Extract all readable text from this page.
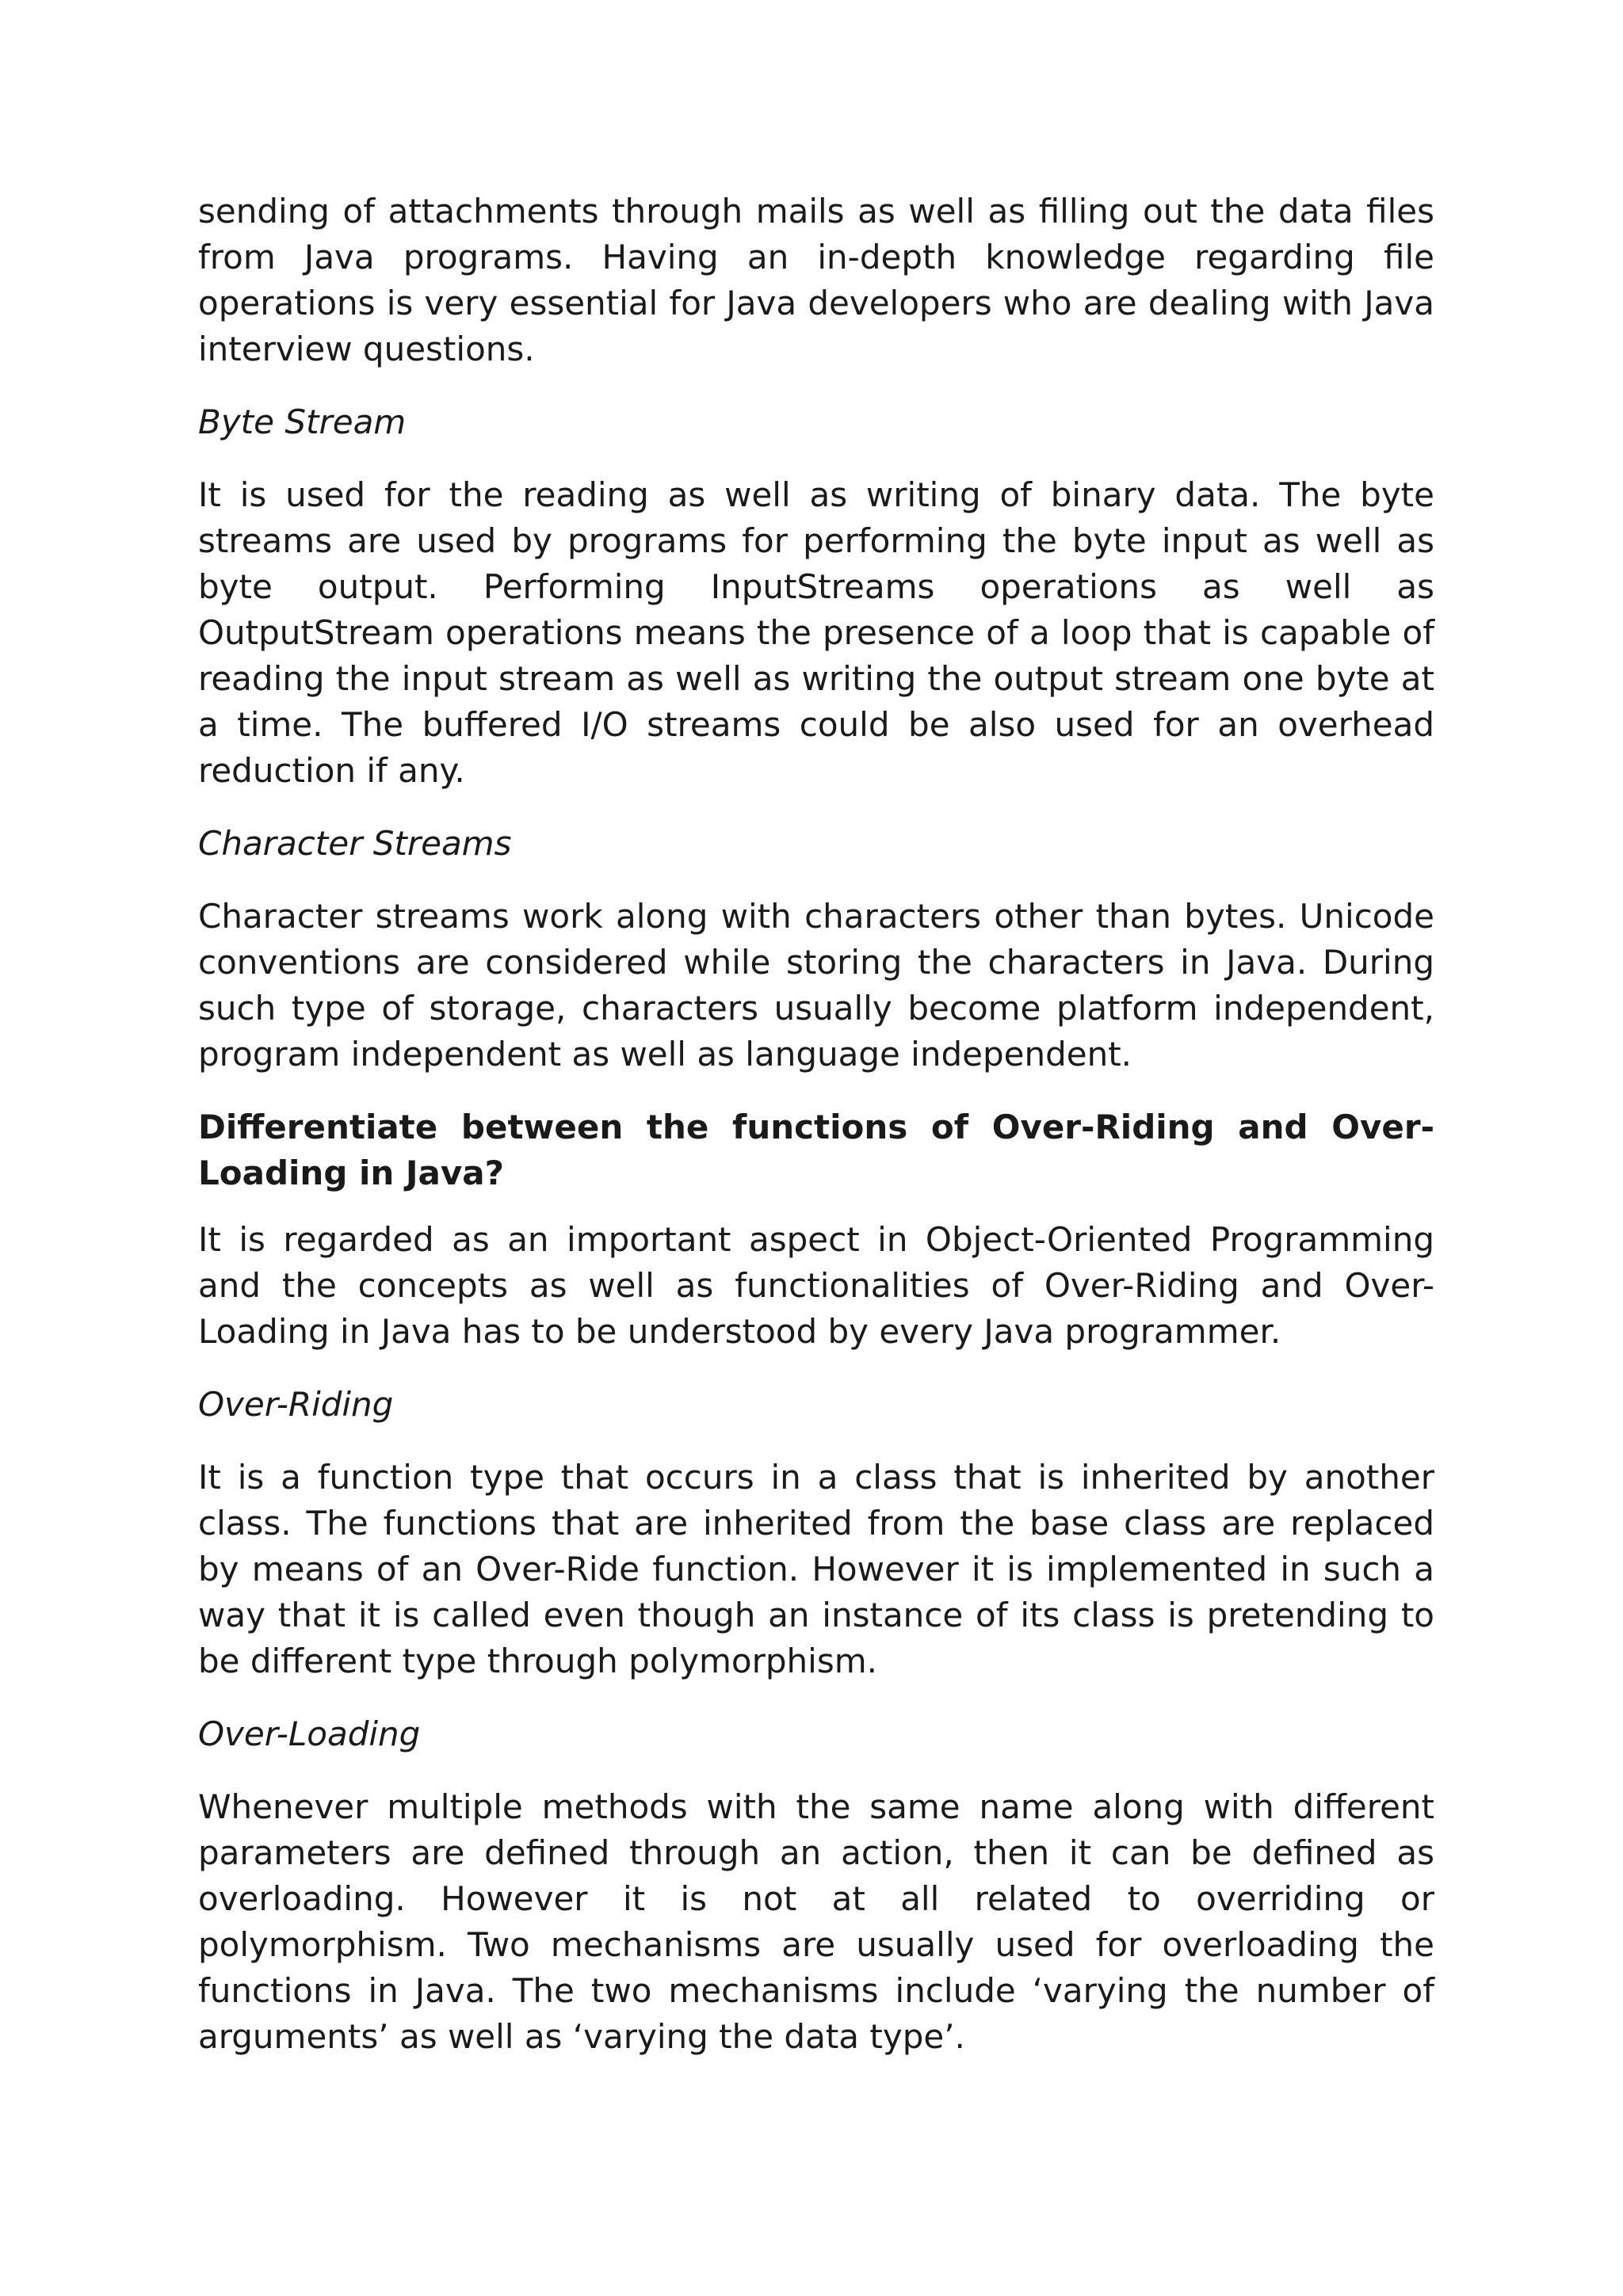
sending of attachments through mails as well as filling out the data files from Java programs. Having an in-depth knowledge regarding file operations is very essential for Java developers who are dealing with Java interview questions.

Byte Stream

It is used for the reading as well as writing of binary data. The byte streams are used by programs for performing the byte input as well as byte output. Performing InputStreams operations as well as OutputStream operations means the presence of a loop that is capable of reading the input stream as well as writing the output stream one byte at a time. The buffered I/O streams could be also used for an overhead reduction if any.

Character Streams

Character streams work along with characters other than bytes. Unicode conventions are considered while storing the characters in Java. During such type of storage, characters usually become platform independent, program independent as well as language independent.

Differentiate between the functions of Over-Riding and Over-Loading in Java?

It is regarded as an important aspect in Object-Oriented Programming and the concepts as well as functionalities of Over-Riding and Over-Loading in Java has to be understood by every Java programmer.

Over-Riding

It is a function type that occurs in a class that is inherited by another class. The functions that are inherited from the base class are replaced by means of an Over-Ride function. However it is implemented in such a way that it is called even though an instance of its class is pretending to be different type through polymorphism.

Over-Loading

Whenever multiple methods with the same name along with different parameters are defined through an action, then it can be defined as overloading. However it is not at all related to overriding or polymorphism. Two mechanisms are usually used for overloading the functions in Java. The two mechanisms include ‘varying the number of arguments’ as well as ‘varying the data type’.
